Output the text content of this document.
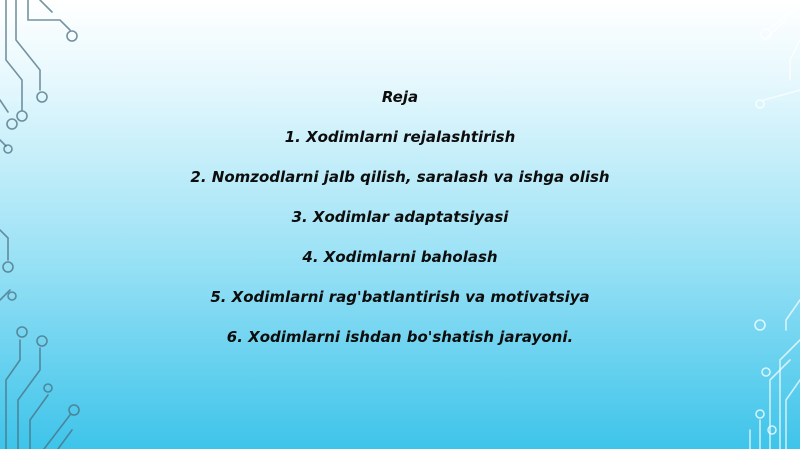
Reja
1. Xodimlarni rejalashtirish
2. Nomzodlarni jalb qilish, saralash va ishga olish
3. Xodimlar adaptatsiyasi
4. Xodimlarni baholash
5. Xodimlarni rag'batlantirish va motivatsiya
6. Xodimlarni ishdan bo'shatish jarayoni.
